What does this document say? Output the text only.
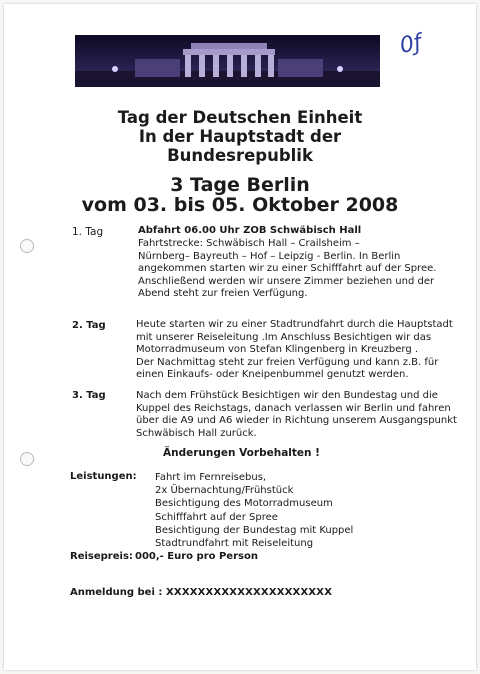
0ƒ
Tag der Deutschen Einheit
In der Hauptstadt der
Bundesrepublik
3 Tage Berlin
vom 03. bis 05. Oktober 2008
1. Tag	Abfahrt 06.00 Uhr ZOB Schwäbisch Hall
Fahrtstrecke: Schwäbisch Hall – Crailsheim –
Nürnberg– Bayreuth – Hof – Leipzig - Berlin. In Berlin
angekommen starten wir zu einer Schifffahrt auf der Spree.
Anschließend werden wir unsere Zimmer beziehen und der
Abend steht zur freien Verfügung.
2. Tag	Heute starten wir zu einer Stadtrundfahrt durch die Hauptstadt
mit unserer Reiseleitung .Im Anschluss Besichtigen wir das
Motorradmuseum von Stefan Klingenberg in Kreuzberg .
Der Nachmittag steht zur freien Verfügung und kann z.B. für
einen Einkaufs- oder Kneipenbummel genutzt werden.
3. Tag	Nach dem Frühstück Besichtigen wir den Bundestag und die
Kuppel des Reichstags, danach verlassen wir Berlin und fahren
über die A9 und A6 wieder in Richtung unserem Ausgangspunkt
Schwäbisch Hall zurück.
Änderungen Vorbehalten !
Leistungen: Fahrt im Fernreisebus,
2x Übernachtung/Frühstück
Besichtigung des Motorradmuseum
Schifffahrt auf der Spree
Besichtigung der Bundestag mit Kuppel
Stadtrundfahrt mit Reiseleitung
Reisepreis: 000,- Euro pro Person
Anmeldung bei : XXXXXXXXXXXXXXXXXXXXX
